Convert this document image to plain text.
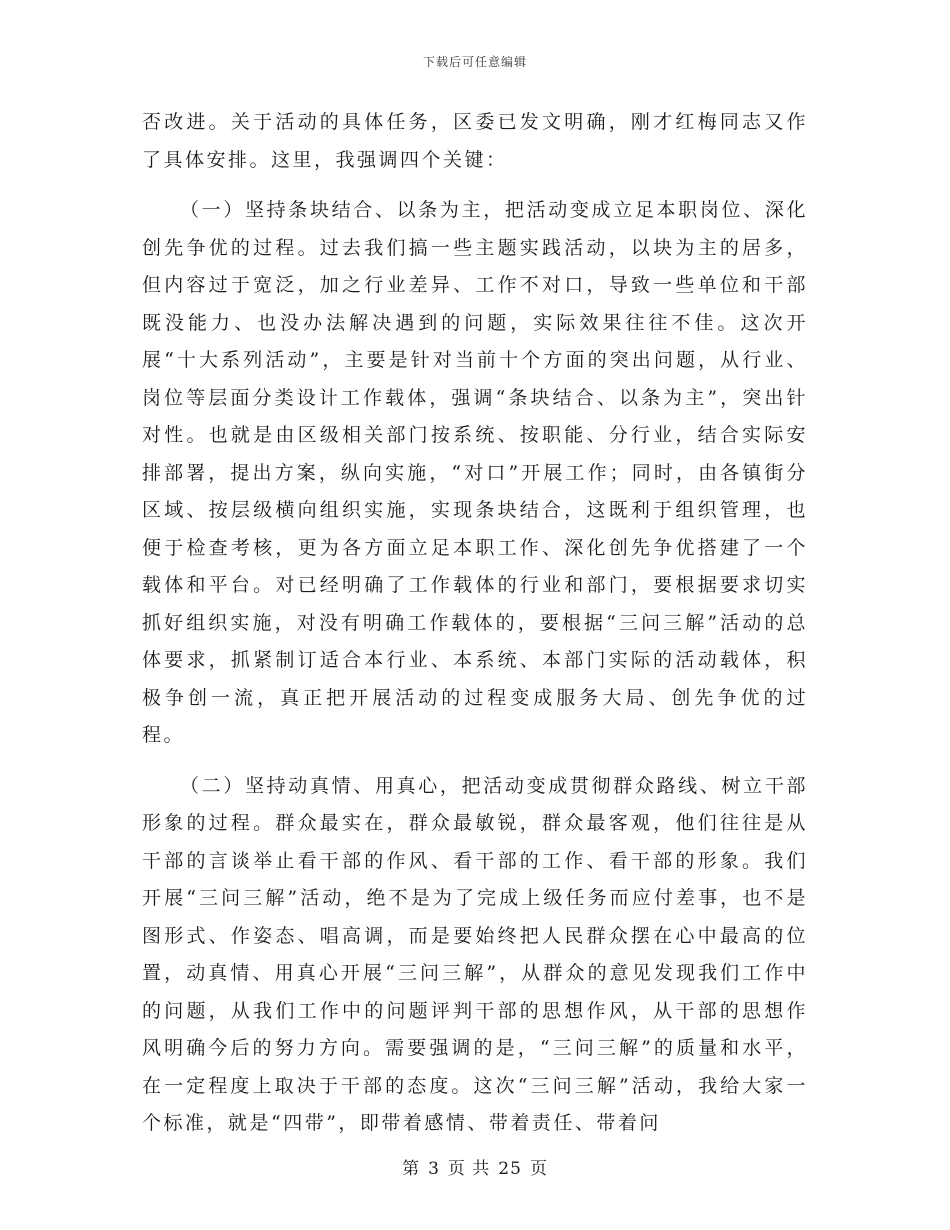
下载后可任意编辑

否改进。关于活动的具体任务，区委已发文明确，刚才红梅同志又作了具体安排。这里，我强调四个关键：

（一）坚持条块结合、以条为主，把活动变成立足本职岗位、深化创先争优的过程。过去我们搞一些主题实践活动，以块为主的居多，但内容过于宽泛，加之行业差异、工作不对口，导致一些单位和干部既没能力、也没办法解决遇到的问题，实际效果往往不佳。这次开展“十大系列活动”，主要是针对当前十个方面的突出问题，从行业、岗位等层面分类设计工作载体，强调“条块结合、以条为主”，突出针对性。也就是由区级相关部门按系统、按职能、分行业，结合实际安排部署，提出方案，纵向实施，“对口”开展工作；同时，由各镇街分区域、按层级横向组织实施，实现条块结合，这既利于组织管理，也便于检查考核，更为各方面立足本职工作、深化创先争优搭建了一个载体和平台。对已经明确了工作载体的行业和部门，要根据要求切实抓好组织实施，对没有明确工作载体的，要根据“三问三解”活动的总体要求，抓紧制订适合本行业、本系统、本部门实际的活动载体，积极争创一流，真正把开展活动的过程变成服务大局、创先争优的过程。

（二）坚持动真情、用真心，把活动变成贯彻群众路线、树立干部形象的过程。群众最实在，群众最敏锐，群众最客观，他们往往是从干部的言谈举止看干部的作风、看干部的工作、看干部的形象。我们开展“三问三解”活动，绝不是为了完成上级任务而应付差事，也不是图形式、作姿态、唱高调，而是要始终把人民群众摆在心中最高的位置，动真情、用真心开展“三问三解”，从群众的意见发现我们工作中的问题，从我们工作中的问题评判干部的思想作风，从干部的思想作风明确今后的努力方向。需要强调的是，“三问三解”的质量和水平，在一定程度上取决于干部的态度。这次“三问三解”活动，我给大家一个标准，就是“四带”，即带着感情、带着责任、带着问

第 3 页 共 25 页
